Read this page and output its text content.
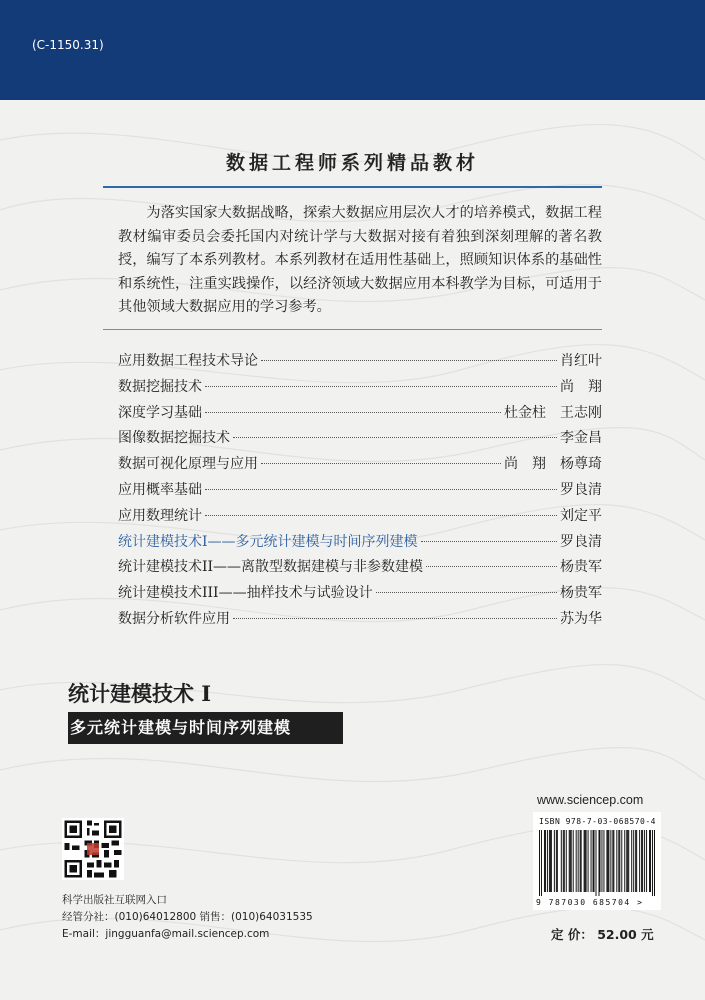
(C-1150.31)
数据工程师系列精品教材

为落实国家大数据战略，探索大数据应用层次人才的培养模式，数据工程教材编审委员会委托国内对统计学与大数据对接有着独到深刻理解的著名教授，编写了本系列教材。本系列教材在适用性基础上，照顾知识体系的基础性和系统性，注重实践操作，以经济领域大数据应用本科教学为目标，可适用于其他领域大数据应用的学习参考。

应用数据工程技术导论	肖红叶
数据挖掘技术	尚　翔
深度学习基础	杜金柱　王志刚
图像数据挖掘技术	李金昌
数据可视化原理与应用	尚　翔　杨尊琦
应用概率基础	罗良清
应用数理统计	刘定平
统计建模技术I——多元统计建模与时间序列建模	罗良清
统计建模技术II——离散型数据建模与非参数建模	杨贵军
统计建模技术III——抽样技术与试验设计	杨贵军
数据分析软件应用	苏为华
统计建模技术 I
多元统计建模与时间序列建模
科学出版社互联网入口
经管分社：(010)64012800 销售：(010)64031535
E-mail：jingguanfa@mail.sciencep.com
www.sciencep.com
ISBN 978-7-03-068570-4
9 787030 685704 >
定 价： 52.00 元
